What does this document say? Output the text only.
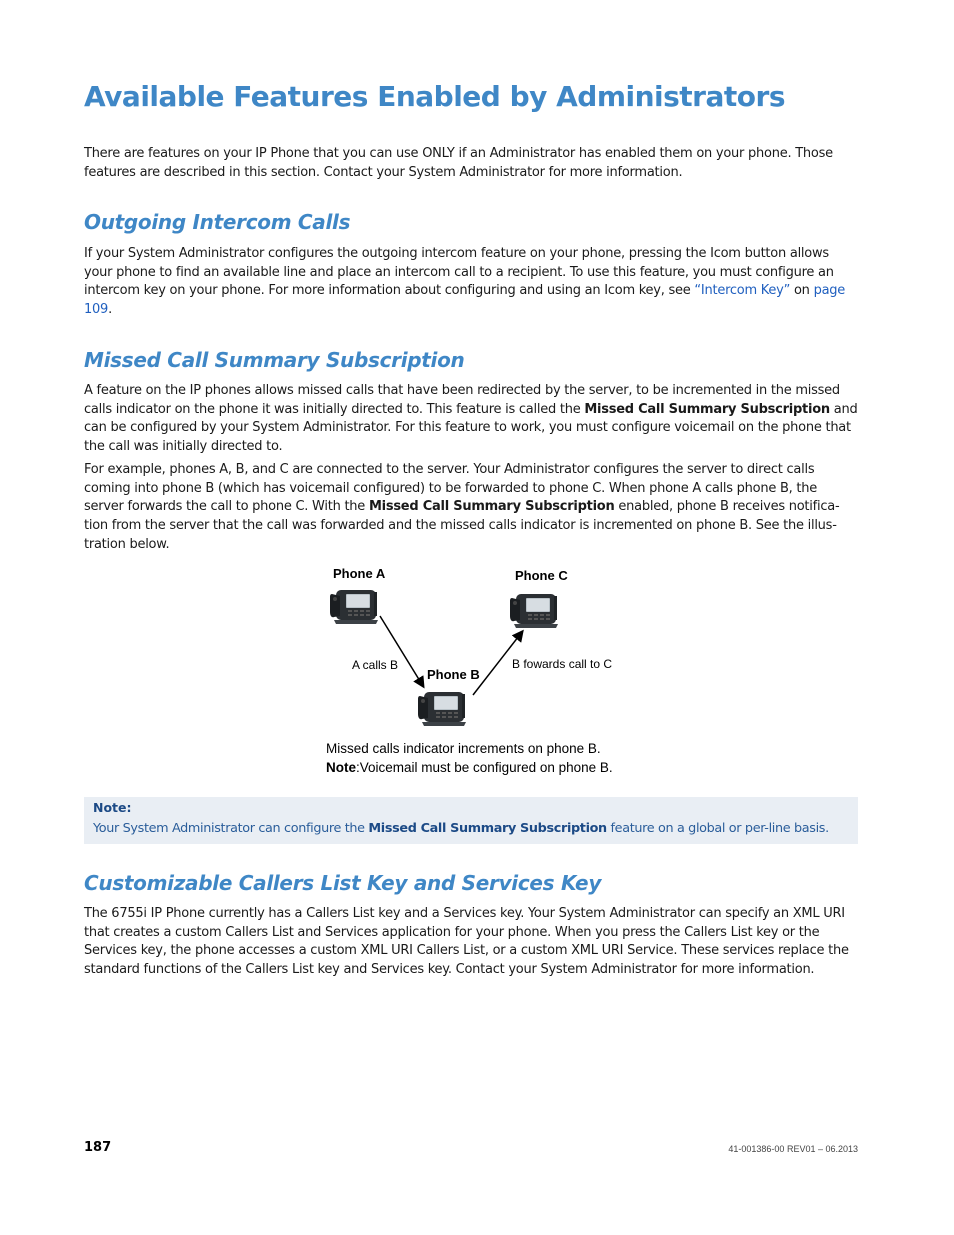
Available Features Enabled by Administrators

There are features on your IP Phone that you can use ONLY if an Administrator has enabled them on your phone. Those features are described in this section. Contact your System Administrator for more information.

Outgoing Intercom Calls

If your System Administrator configures the outgoing intercom feature on your phone, pressing the Icom button allows your phone to find an available line and place an intercom call to a recipient. To use this feature, you must configure an intercom key on your phone. For more information about configuring and using an Icom key, see “Intercom Key” on page 109.

Missed Call Summary Subscription

A feature on the IP phones allows missed calls that have been redirected by the server, to be incremented in the missed calls indicator on the phone it was initially directed to. This feature is called the Missed Call Summary Subscription and can be configured by your System Administrator. For this feature to work, you must configure voicemail on the phone that the call was initially directed to.

For example, phones A, B, and C are connected to the server. Your Administrator configures the server to direct calls coming into phone B (which has voicemail configured) to be forwarded to phone C. When phone A calls phone B, the server forwards the call to phone C. With the Missed Call Summary Subscription enabled, phone B receives notifica-tion from the server that the call was forwarded and the missed calls indicator is incremented on phone B. See the illus-tration below.

Phone A	Phone C
Phone B
A calls B	B fowards call to C
Missed calls indicator increments on phone B.
Note:Voicemail must be configured on phone B.
Note:
Your System Administrator can configure the Missed Call Summary Subscription feature on a global or per-line basis.
Customizable Callers List Key and Services Key

The 6755i IP Phone currently has a Callers List key and a Services key. Your System Administrator can specify an XML URI that creates a custom Callers List and Services application for your phone. When you press the Callers List key or the Services key, the phone accesses a custom XML URI Callers List, or a custom XML URI Service. These services replace the standard functions of the Callers List key and Services key. Contact your System Administrator for more information.

187	41-001386-00 REV01 – 06.2013
